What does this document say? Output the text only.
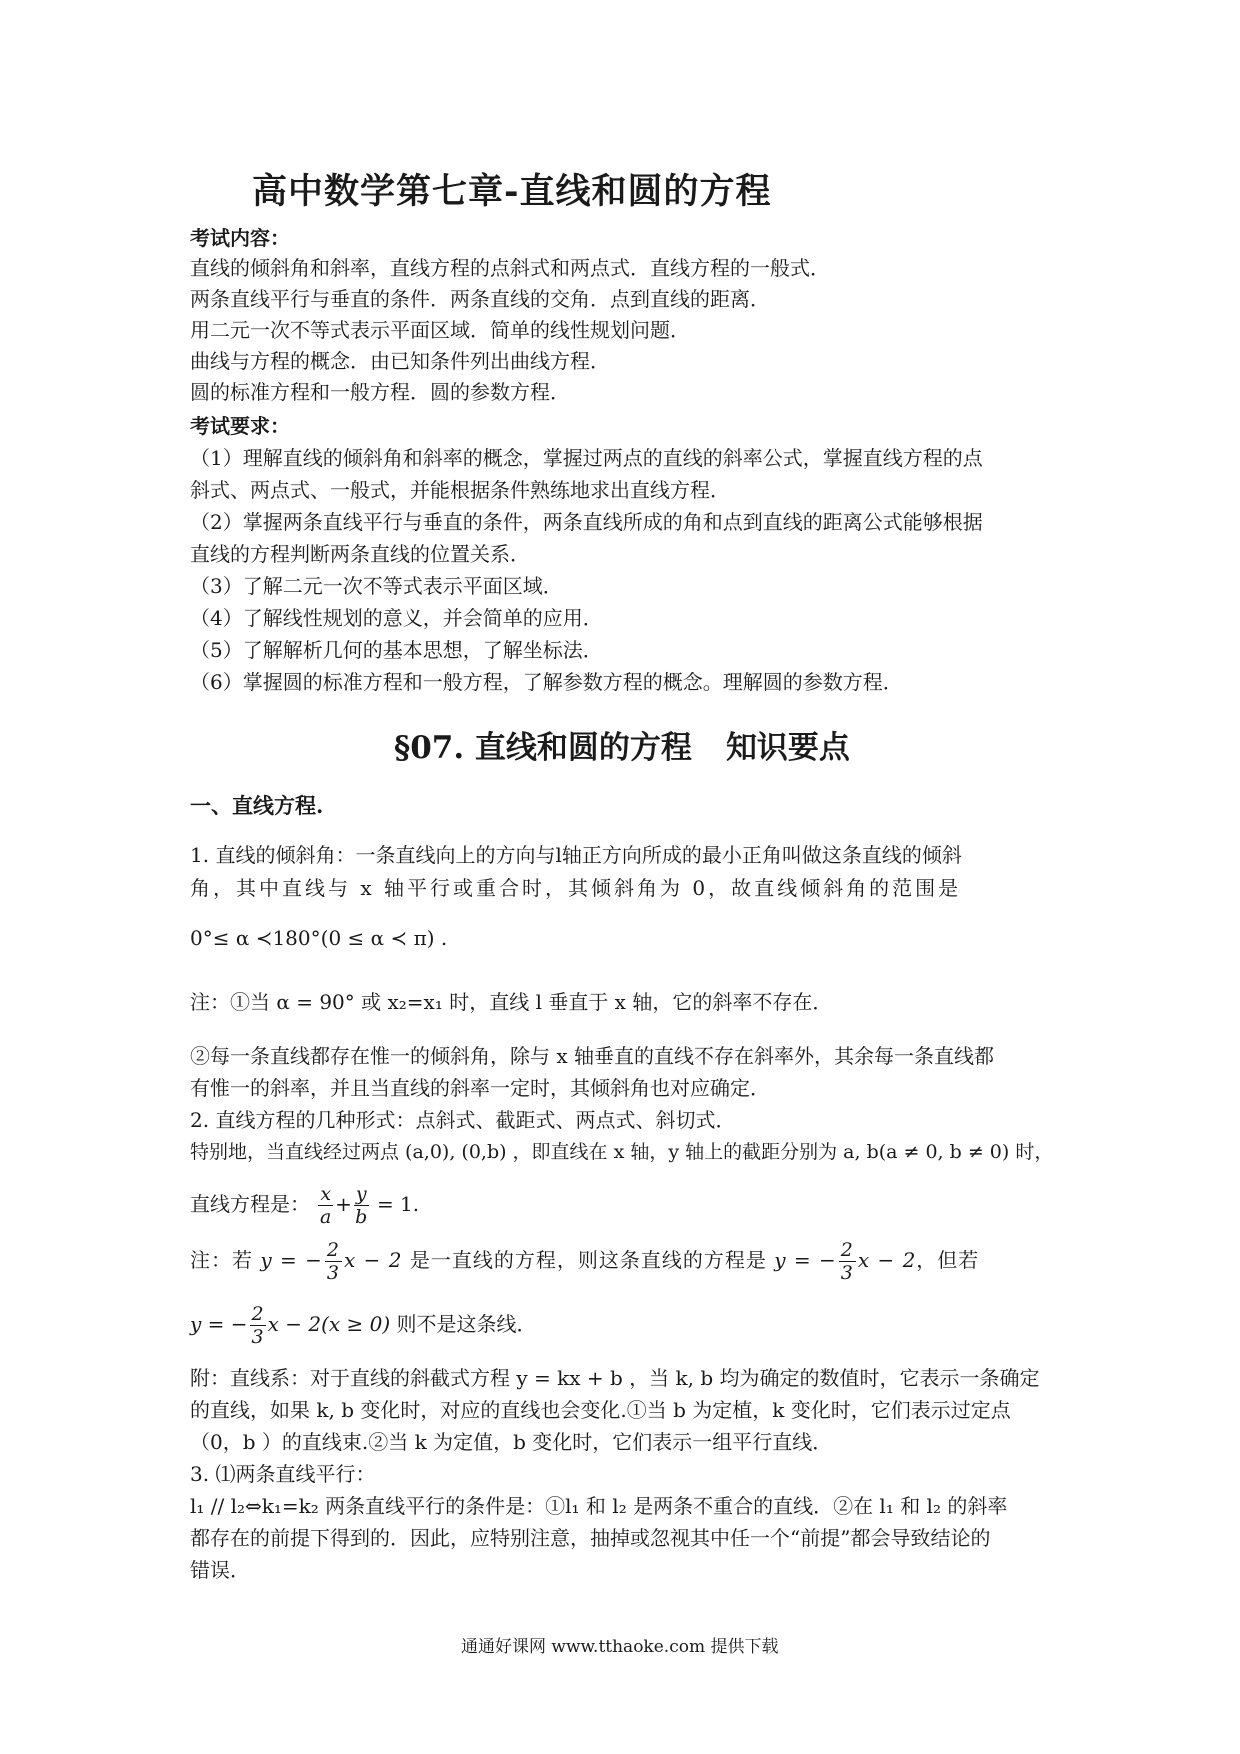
高中数学第七章-直线和圆的方程
考试内容：
直线的倾斜角和斜率，直线方程的点斜式和两点式．直线方程的一般式．
两条直线平行与垂直的条件．两条直线的交角．点到直线的距离．
用二元一次不等式表示平面区域．简单的线性规划问题．
曲线与方程的概念．由已知条件列出曲线方程．
圆的标准方程和一般方程．圆的参数方程．
考试要求：
（1）理解直线的倾斜角和斜率的概念，掌握过两点的直线的斜率公式，掌握直线方程的点
斜式、两点式、一般式，并能根据条件熟练地求出直线方程．
（2）掌握两条直线平行与垂直的条件，两条直线所成的角和点到直线的距离公式能够根据
直线的方程判断两条直线的位置关系．
（3）了解二元一次不等式表示平面区域．
（4）了解线性规划的意义，并会简单的应用．
（5）了解解析几何的基本思想，了解坐标法．
（6）掌握圆的标准方程和一般方程，了解参数方程的概念。理解圆的参数方程．
§07. 直线和圆的方程 知识要点
一、直线方程.
1. 直线的倾斜角：一条直线向上的方向与l轴正方向所成的最小正角叫做这条直线的倾斜
角，其中直线与 x 轴平行或重合时，其倾斜角为 0，故直线倾斜角的范围是
0°≤ α ≺180°(0 ≤ α ≺ π) .
注：①当 α = 90° 或 x₂=x₁ 时，直线 l 垂直于 x 轴，它的斜率不存在．
②每一条直线都存在惟一的倾斜角，除与 x 轴垂直的直线不存在斜率外，其余每一条直线都
有惟一的斜率，并且当直线的斜率一定时，其倾斜角也对应确定．
2. 直线方程的几种形式：点斜式、截距式、两点式、斜切式．
特别地，当直线经过两点 (a,0), (0,b) ，即直线在 x 轴，y 轴上的截距分别为 a, b(a ≠ 0, b ≠ 0) 时，
直线方程是： $\frac{x}{a} + \frac{y}{b} = 1$.
注：若 y = − $\frac{2}{3}$ x − 2 是一直线的方程，则这条直线的方程是 y = − $\frac{2}{3}$ x − 2，但若
y = − $\frac{2}{3}$ x − 2(x ≥ 0) 则不是这条线．
附：直线系：对于直线的斜截式方程 y = kx + b ，当 k, b 均为确定的数值时，它表示一条确定
的直线，如果 k, b 变化时，对应的直线也会变化.①当 b 为定植，k 变化时，它们表示过定点
（0，b ）的直线束.②当 k 为定值，b 变化时，它们表示一组平行直线．
3. ⑴两条直线平行：
l₁ // l₂⇔k₁=k₂ 两条直线平行的条件是：①l₁ 和 l₂ 是两条不重合的直线．②在 l₁ 和 l₂ 的斜率
都存在的前提下得到的．因此，应特别注意，抽掉或忽视其中任一个“前提”都会导致结论的
错误．
通通好课网 www.tthaoke.com 提供下载
